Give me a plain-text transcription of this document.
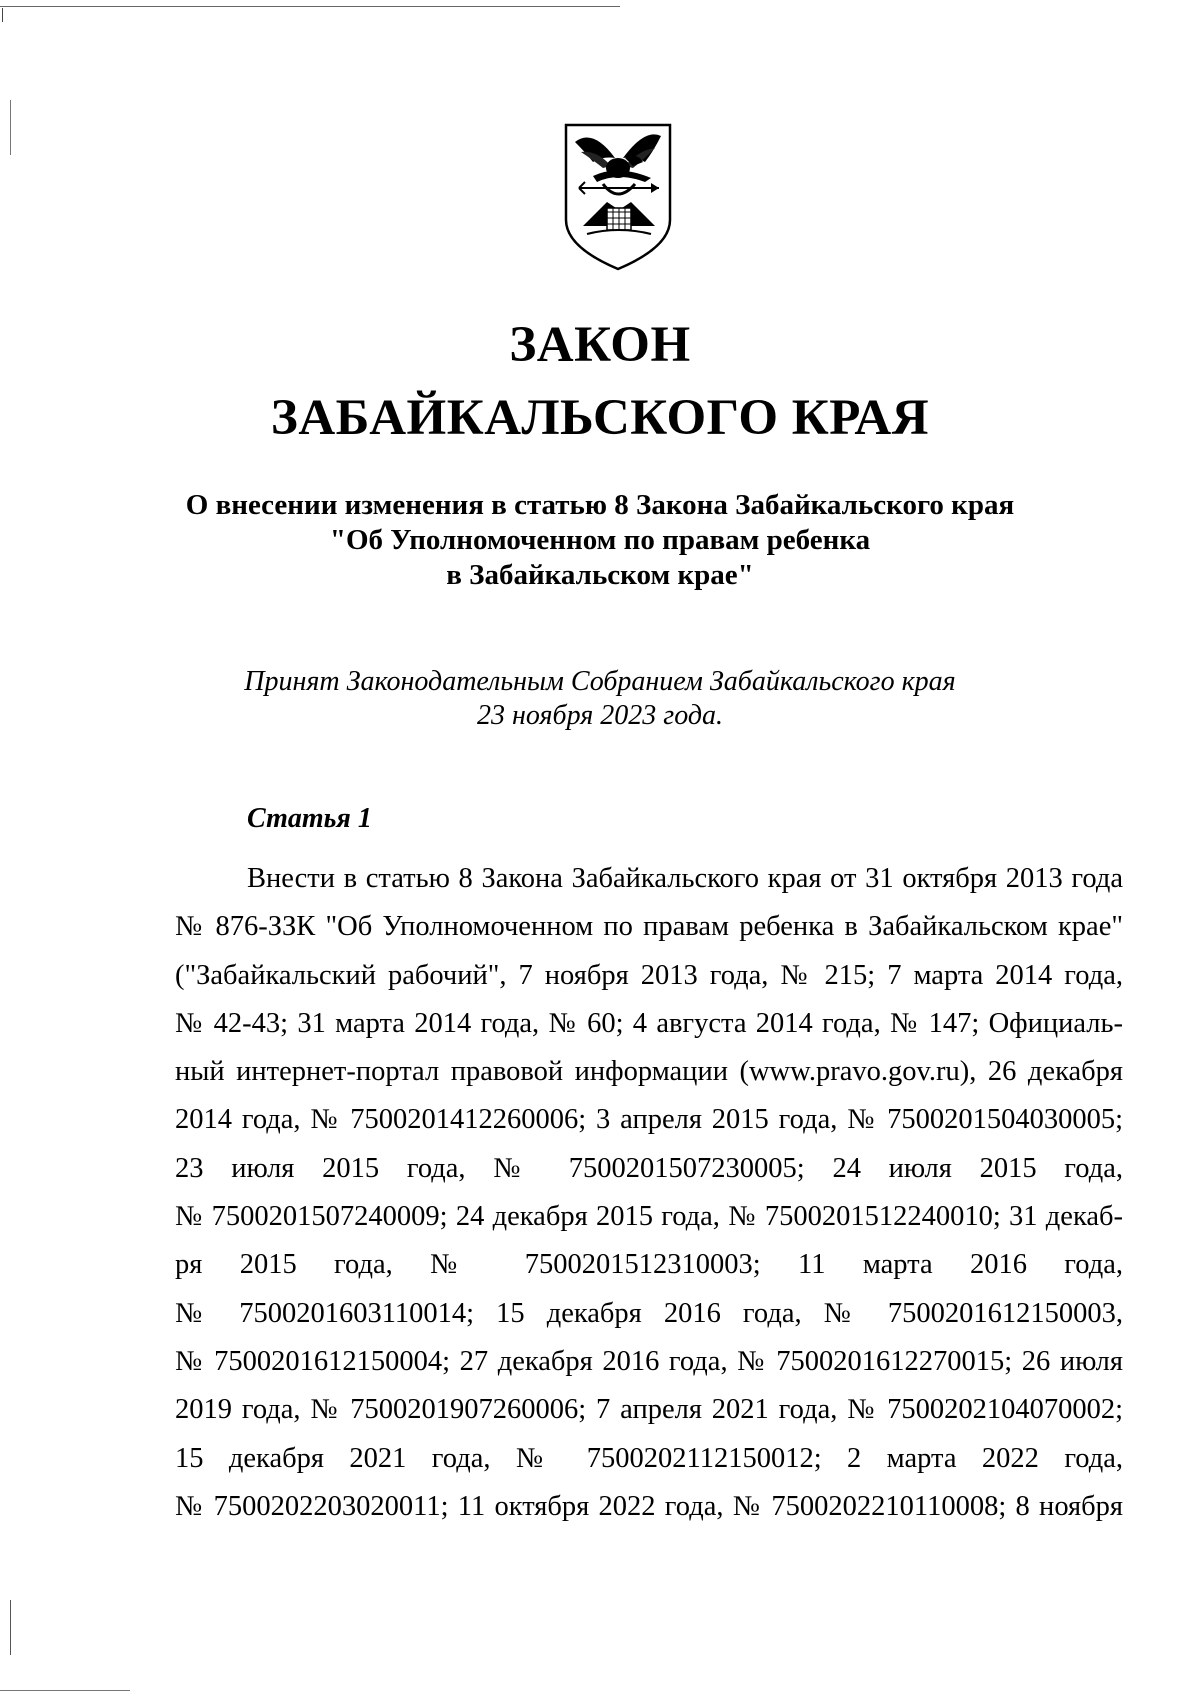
ЗАКОН
ЗАБАЙКАЛЬСКОГО КРАЯ
О внесении изменения в статью 8 Закона Забайкальского края
"Об Уполномоченном по правам ребенка
в Забайкальском крае"
Принят Законодательным Собранием Забайкальского края
23 ноября 2023 года.
Статья 1
Внести в статью 8 Закона Забайкальского края от 31 октября 2013 года
№ 876-ЗЗК "Об Уполномоченном по правам ребенка в Забайкальском крае"
("Забайкальский рабочий", 7 ноября 2013 года, № 215; 7 марта 2014 года,
№ 42-43; 31 марта 2014 года, № 60; 4 августа 2014 года, № 147; Официаль-
ный интернет-портал правовой информации (www.pravo.gov.ru), 26 декабря
2014 года, № 7500201412260006; 3 апреля 2015 года, № 7500201504030005;
23 июля 2015 года, № 7500201507230005; 24 июля 2015 года,
№ 7500201507240009; 24 декабря 2015 года, № 7500201512240010; 31 декаб-
ря 2015 года, № 7500201512310003; 11 марта 2016 года,
№ 7500201603110014; 15 декабря 2016 года, № 7500201612150003,
№ 7500201612150004; 27 декабря 2016 года, № 7500201612270015; 26 июля
2019 года, № 7500201907260006; 7 апреля 2021 года, № 7500202104070002;
15 декабря 2021 года, № 7500202112150012; 2 марта 2022 года,
№ 7500202203020011; 11 октября 2022 года, № 7500202210110008; 8 ноября
